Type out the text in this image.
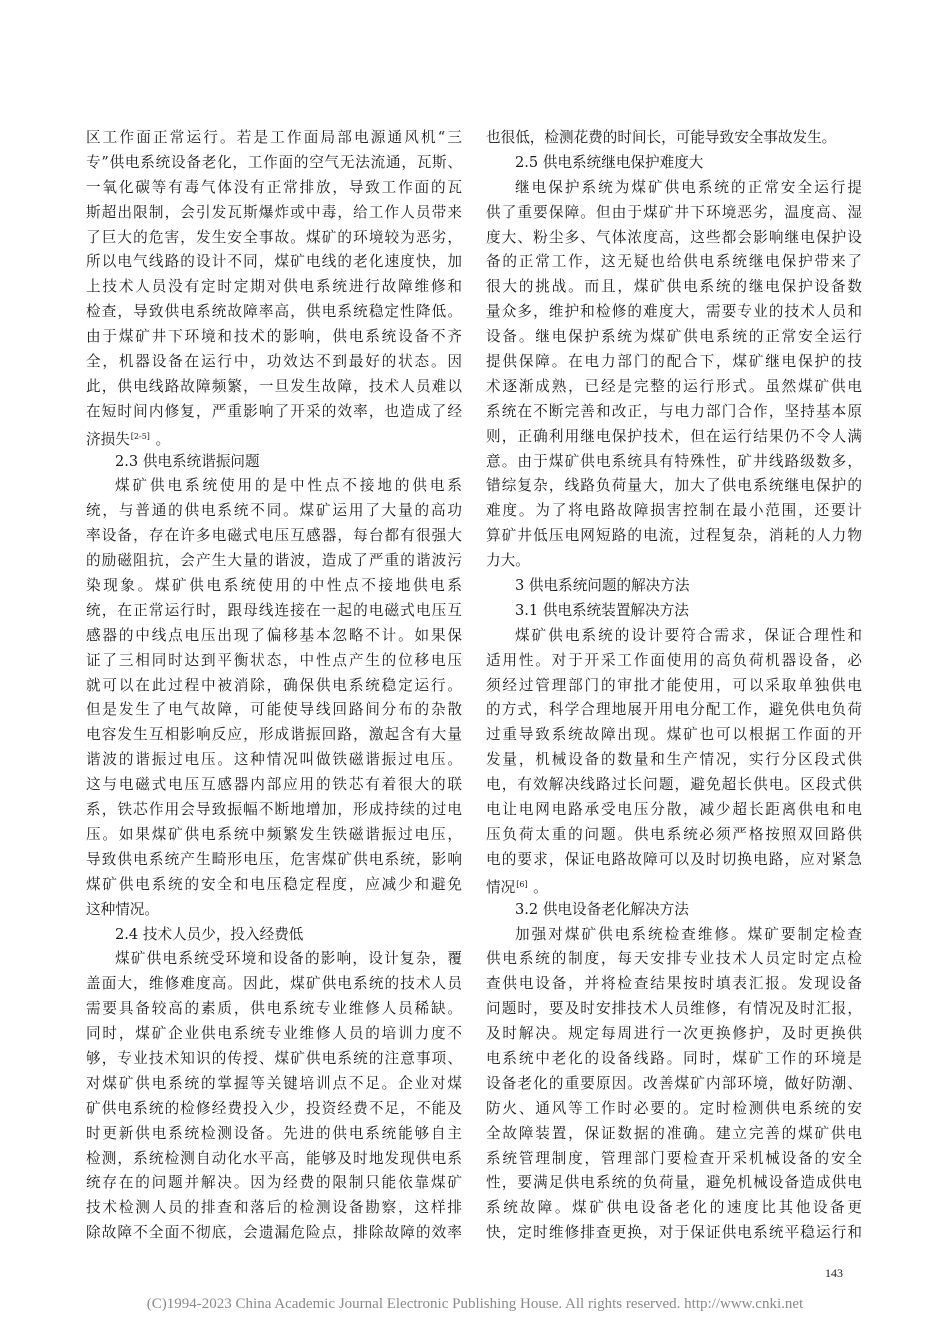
区工作面正常运行。若是工作面局部电源通风机“三
专”供电系统设备老化，工作面的空气无法流通，瓦斯、
一氧化碳等有毒气体没有正常排放，导致工作面的瓦
斯超出限制，会引发瓦斯爆炸或中毒，给工作人员带来
了巨大的危害，发生安全事故。煤矿的环境较为恶劣，
所以电气线路的设计不同，煤矿电线的老化速度快，加
上技术人员没有定时定期对供电系统进行故障维修和
检查，导致供电系统故障率高，供电系统稳定性降低。
由于煤矿井下环境和技术的影响，供电系统设备不齐
全，机器设备在运行中，功效达不到最好的状态。因
此，供电线路故障频繁，一旦发生故障，技术人员难以
在短时间内修复，严重影响了开采的效率，也造成了经
济损失[2-5] 。
2.3 供电系统谐振问题
煤矿供电系统使用的是中性点不接地的供电系
统，与普通的供电系统不同。煤矿运用了大量的高功
率设备，存在许多电磁式电压互感器，每台都有很强大
的励磁阻抗，会产生大量的谐波，造成了严重的谐波污
染现象。煤矿供电系统使用的中性点不接地供电系
统，在正常运行时，跟母线连接在一起的电磁式电压互
感器的中线点电压出现了偏移基本忽略不计。如果保
证了三相同时达到平衡状态，中性点产生的位移电压
就可以在此过程中被消除，确保供电系统稳定运行。
但是发生了电气故障，可能使导线回路间分布的杂散
电容发生互相影响反应，形成谐振回路，激起含有大量
谐波的谐振过电压。这种情况叫做铁磁谐振过电压。
这与电磁式电压互感器内部应用的铁芯有着很大的联
系，铁芯作用会导致振幅不断地增加，形成持续的过电
压。如果煤矿供电系统中频繁发生铁磁谐振过电压，
导致供电系统产生畸形电压，危害煤矿供电系统，影响
煤矿供电系统的安全和电压稳定程度，应减少和避免
这种情况。
2.4 技术人员少，投入经费低
煤矿供电系统受环境和设备的影响，设计复杂，覆
盖面大，维修难度高。因此，煤矿供电系统的技术人员
需要具备较高的素质，供电系统专业维修人员稀缺。
同时，煤矿企业供电系统专业维修人员的培训力度不
够，专业技术知识的传授、煤矿供电系统的注意事项、
对煤矿供电系统的掌握等关键培训点不足。企业对煤
矿供电系统的检修经费投入少，投资经费不足，不能及
时更新供电系统检测设备。先进的供电系统能够自主
检测，系统检测自动化水平高，能够及时地发现供电系
统存在的问题并解决。因为经费的限制只能依靠煤矿
技术检测人员的排查和落后的检测设备勘察，这样排
除故障不全面不彻底，会遗漏危险点，排除故障的效率
也很低，检测花费的时间长，可能导致安全事故发生。
2.5 供电系统继电保护难度大
继电保护系统为煤矿供电系统的正常安全运行提
供了重要保障。但由于煤矿井下环境恶劣，温度高、湿
度大、粉尘多、气体浓度高，这些都会影响继电保护设
备的正常工作，这无疑也给供电系统继电保护带来了
很大的挑战。而且，煤矿供电系统的继电保护设备数
量众多，维护和检修的难度大，需要专业的技术人员和
设备。继电保护系统为煤矿供电系统的正常安全运行
提供保障。在电力部门的配合下，煤矿继电保护的技
术逐渐成熟，已经是完整的运行形式。虽然煤矿供电
系统在不断完善和改正，与电力部门合作，坚持基本原
则，正确利用继电保护技术，但在运行结果仍不令人满
意。由于煤矿供电系统具有特殊性，矿井线路级数多，
错综复杂，线路负荷量大，加大了供电系统继电保护的
难度。为了将电路故障损害控制在最小范围，还要计
算矿井低压电网短路的电流，过程复杂，消耗的人力物
力大。
3 供电系统问题的解决方法
3.1 供电系统装置解决方法
煤矿供电系统的设计要符合需求，保证合理性和
适用性。对于开采工作面使用的高负荷机器设备，必
须经过管理部门的审批才能使用，可以采取单独供电
的方式，科学合理地展开用电分配工作，避免供电负荷
过重导致系统故障出现。煤矿也可以根据工作面的开
发量，机械设备的数量和生产情况，实行分区段式供
电，有效解决线路过长问题，避免超长供电。区段式供
电让电网电路承受电压分散，减少超长距离供电和电
压负荷太重的问题。供电系统必须严格按照双回路供
电的要求，保证电路故障可以及时切换电路，应对紧急
情况[6] 。
3.2 供电设备老化解决方法
加强对煤矿供电系统检查维修。煤矿要制定检查
供电系统的制度，每天安排专业技术人员定时定点检
查供电设备，并将检查结果按时填表汇报。发现设备
问题时，要及时安排技术人员维修，有情况及时汇报，
及时解决。规定每周进行一次更换修护，及时更换供
电系统中老化的设备线路。同时，煤矿工作的环境是
设备老化的重要原因。改善煤矿内部环境，做好防潮、
防火、通风等工作时必要的。定时检测供电系统的安
全故障装置，保证数据的准确。建立完善的煤矿供电
系统管理制度，管理部门要检查开采机械设备的安全
性，要满足供电系统的负荷量，避免机械设备造成供电
系统故障。煤矿供电设备老化的速度比其他设备更
快，定时维修排查更换，对于保证供电系统平稳运行和
143
(C)1994-2023 China Academic Journal Electronic Publishing House. All rights reserved. http://www.cnki.net
